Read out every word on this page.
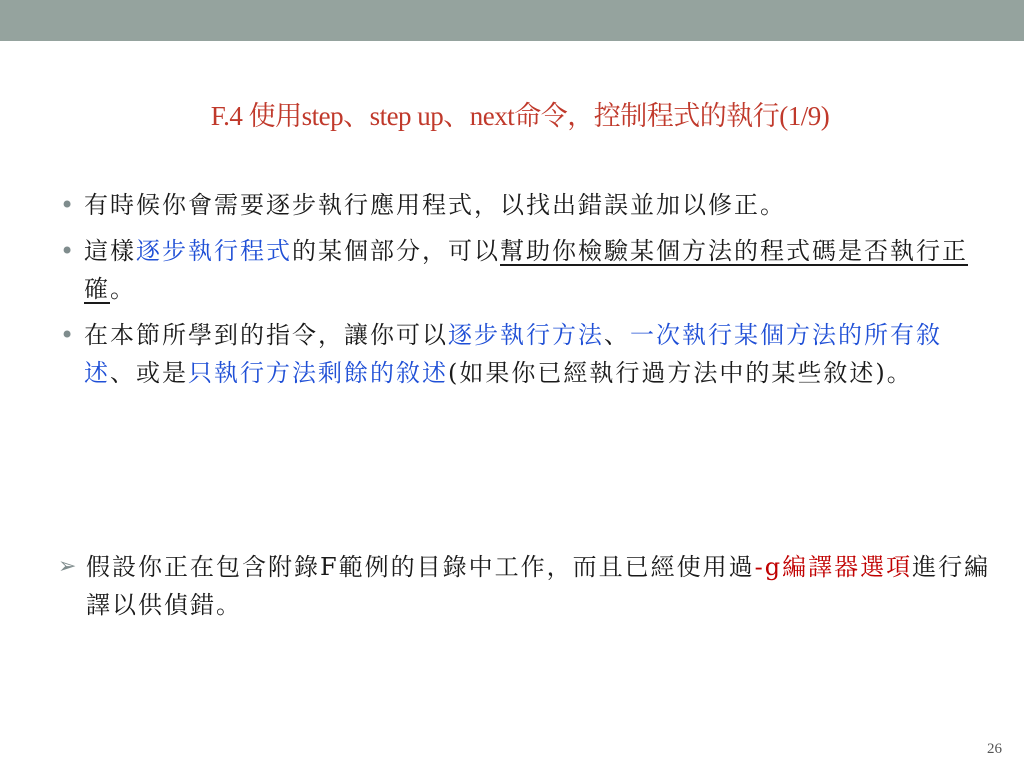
F.4 使用step、step up、next命令，控制程式的執行(1/9)
• 有時候你會需要逐步執行應用程式，以找出錯誤並加以修正。
• 這樣逐步執行程式的某個部分，可以幫助你檢驗某個方法的程式碼是否執行正確。
• 在本節所學到的指令，讓你可以逐步執行方法、一次執行某個方法的所有敘述、或是只執行方法剩餘的敘述(如果你已經執行過方法中的某些敘述)。
➢ 假設你正在包含附錄F範例的目錄中工作，而且已經使用過-g編譯器選項進行編譯以供偵錯。
26
